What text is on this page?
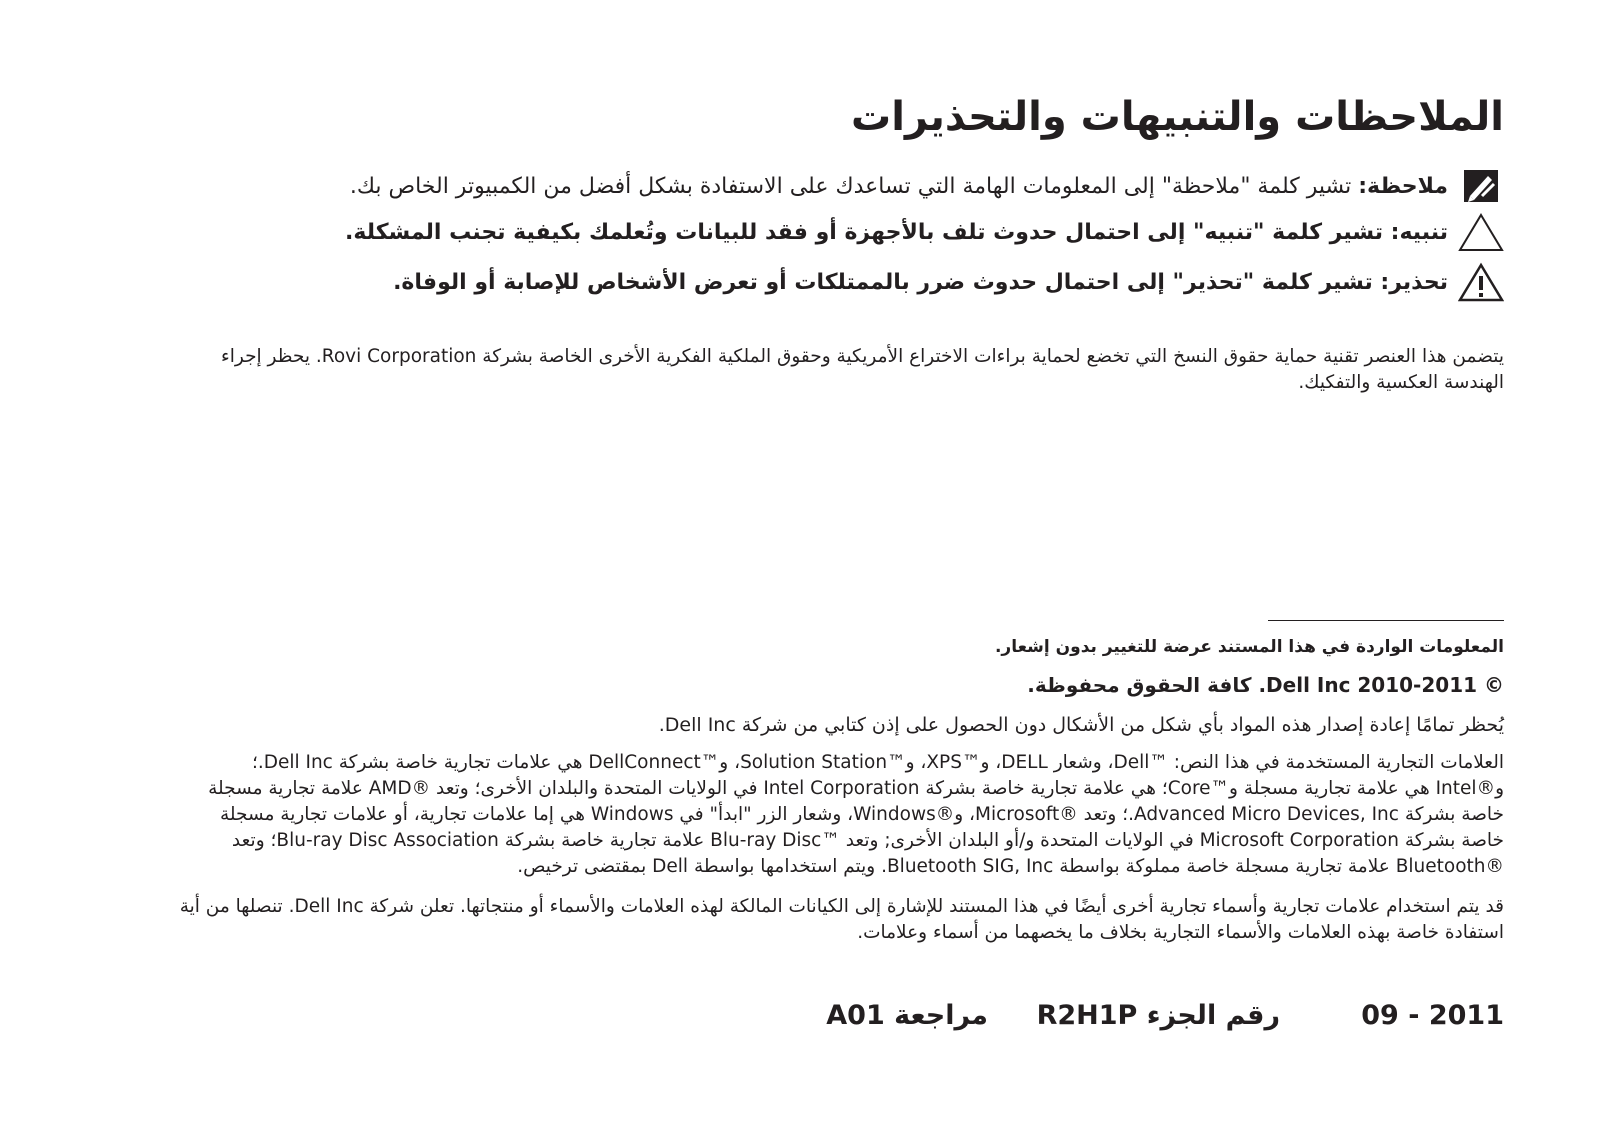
الملاحظات والتنبيهات والتحذيرات
ملاحظة: تشير كلمة "ملاحظة" إلى المعلومات الهامة التي تساعدك على الاستفادة بشكل أفضل من الكمبيوتر الخاص بك.
تنبيه: تشير كلمة "تنبيه" إلى احتمال حدوث تلف بالأجهزة أو فقد للبيانات وتُعلمك بكيفية تجنب المشكلة.
تحذير: تشير كلمة "تحذير" إلى احتمال حدوث ضرر بالممتلكات أو تعرض الأشخاص للإصابة أو الوفاة.
يتضمن هذا العنصر تقنية حماية حقوق النسخ التي تخضع لحماية براءات الاختراع الأمريكية وحقوق الملكية الفكرية الأخرى الخاصة بشركة Rovi Corporation. يحظر إجراء
الهندسة العكسية والتفكيك.
المعلومات الواردة في هذا المستند عرضة للتغيير بدون إشعار.
© 2010-2011 Dell Inc. كافة الحقوق محفوظة.
يُحظر تمامًا إعادة إصدار هذه المواد بأي شكل من الأشكال دون الحصول على إذن كتابي من شركة Dell Inc.
العلامات التجارية المستخدمة في هذا النص: ™Dell، وشعار DELL، و™XPS، و™Solution Station، و™DellConnect هي علامات تجارية خاصة بشركة Dell Inc.؛
و®Intel هي علامة تجارية مسجلة و™Core؛ هي علامة تجارية خاصة بشركة Intel Corporation في الولايات المتحدة والبلدان الأخرى؛ وتعد ®AMD علامة تجارية مسجلة
خاصة بشركة Advanced Micro Devices, Inc.؛ وتعد ®Microsoft، و®Windows، وشعار الزر "ابدأ" في Windows هي إما علامات تجارية، أو علامات تجارية مسجلة
خاصة بشركة Microsoft Corporation في الولايات المتحدة و/أو البلدان الأخرى; وتعد ™Blu-ray Disc علامة تجارية خاصة بشركة Blu-ray Disc Association؛ وتعد
®Bluetooth علامة تجارية مسجلة خاصة مملوكة بواسطة Bluetooth SIG, Inc. ويتم استخدامها بواسطة Dell بمقتضى ترخيص.
قد يتم استخدام علامات تجارية وأسماء تجارية أخرى أيضًا في هذا المستند للإشارة إلى الكيانات المالكة لهذه العلامات والأسماء أو منتجاتها. تعلن شركة Dell Inc. تنصلها من أية
استفادة خاصة بهذه العلامات والأسماء التجارية بخلاف ما يخصهما من أسماء وعلامات.
2011 - 09
رقم الجزء R2H1P
مراجعة A01
